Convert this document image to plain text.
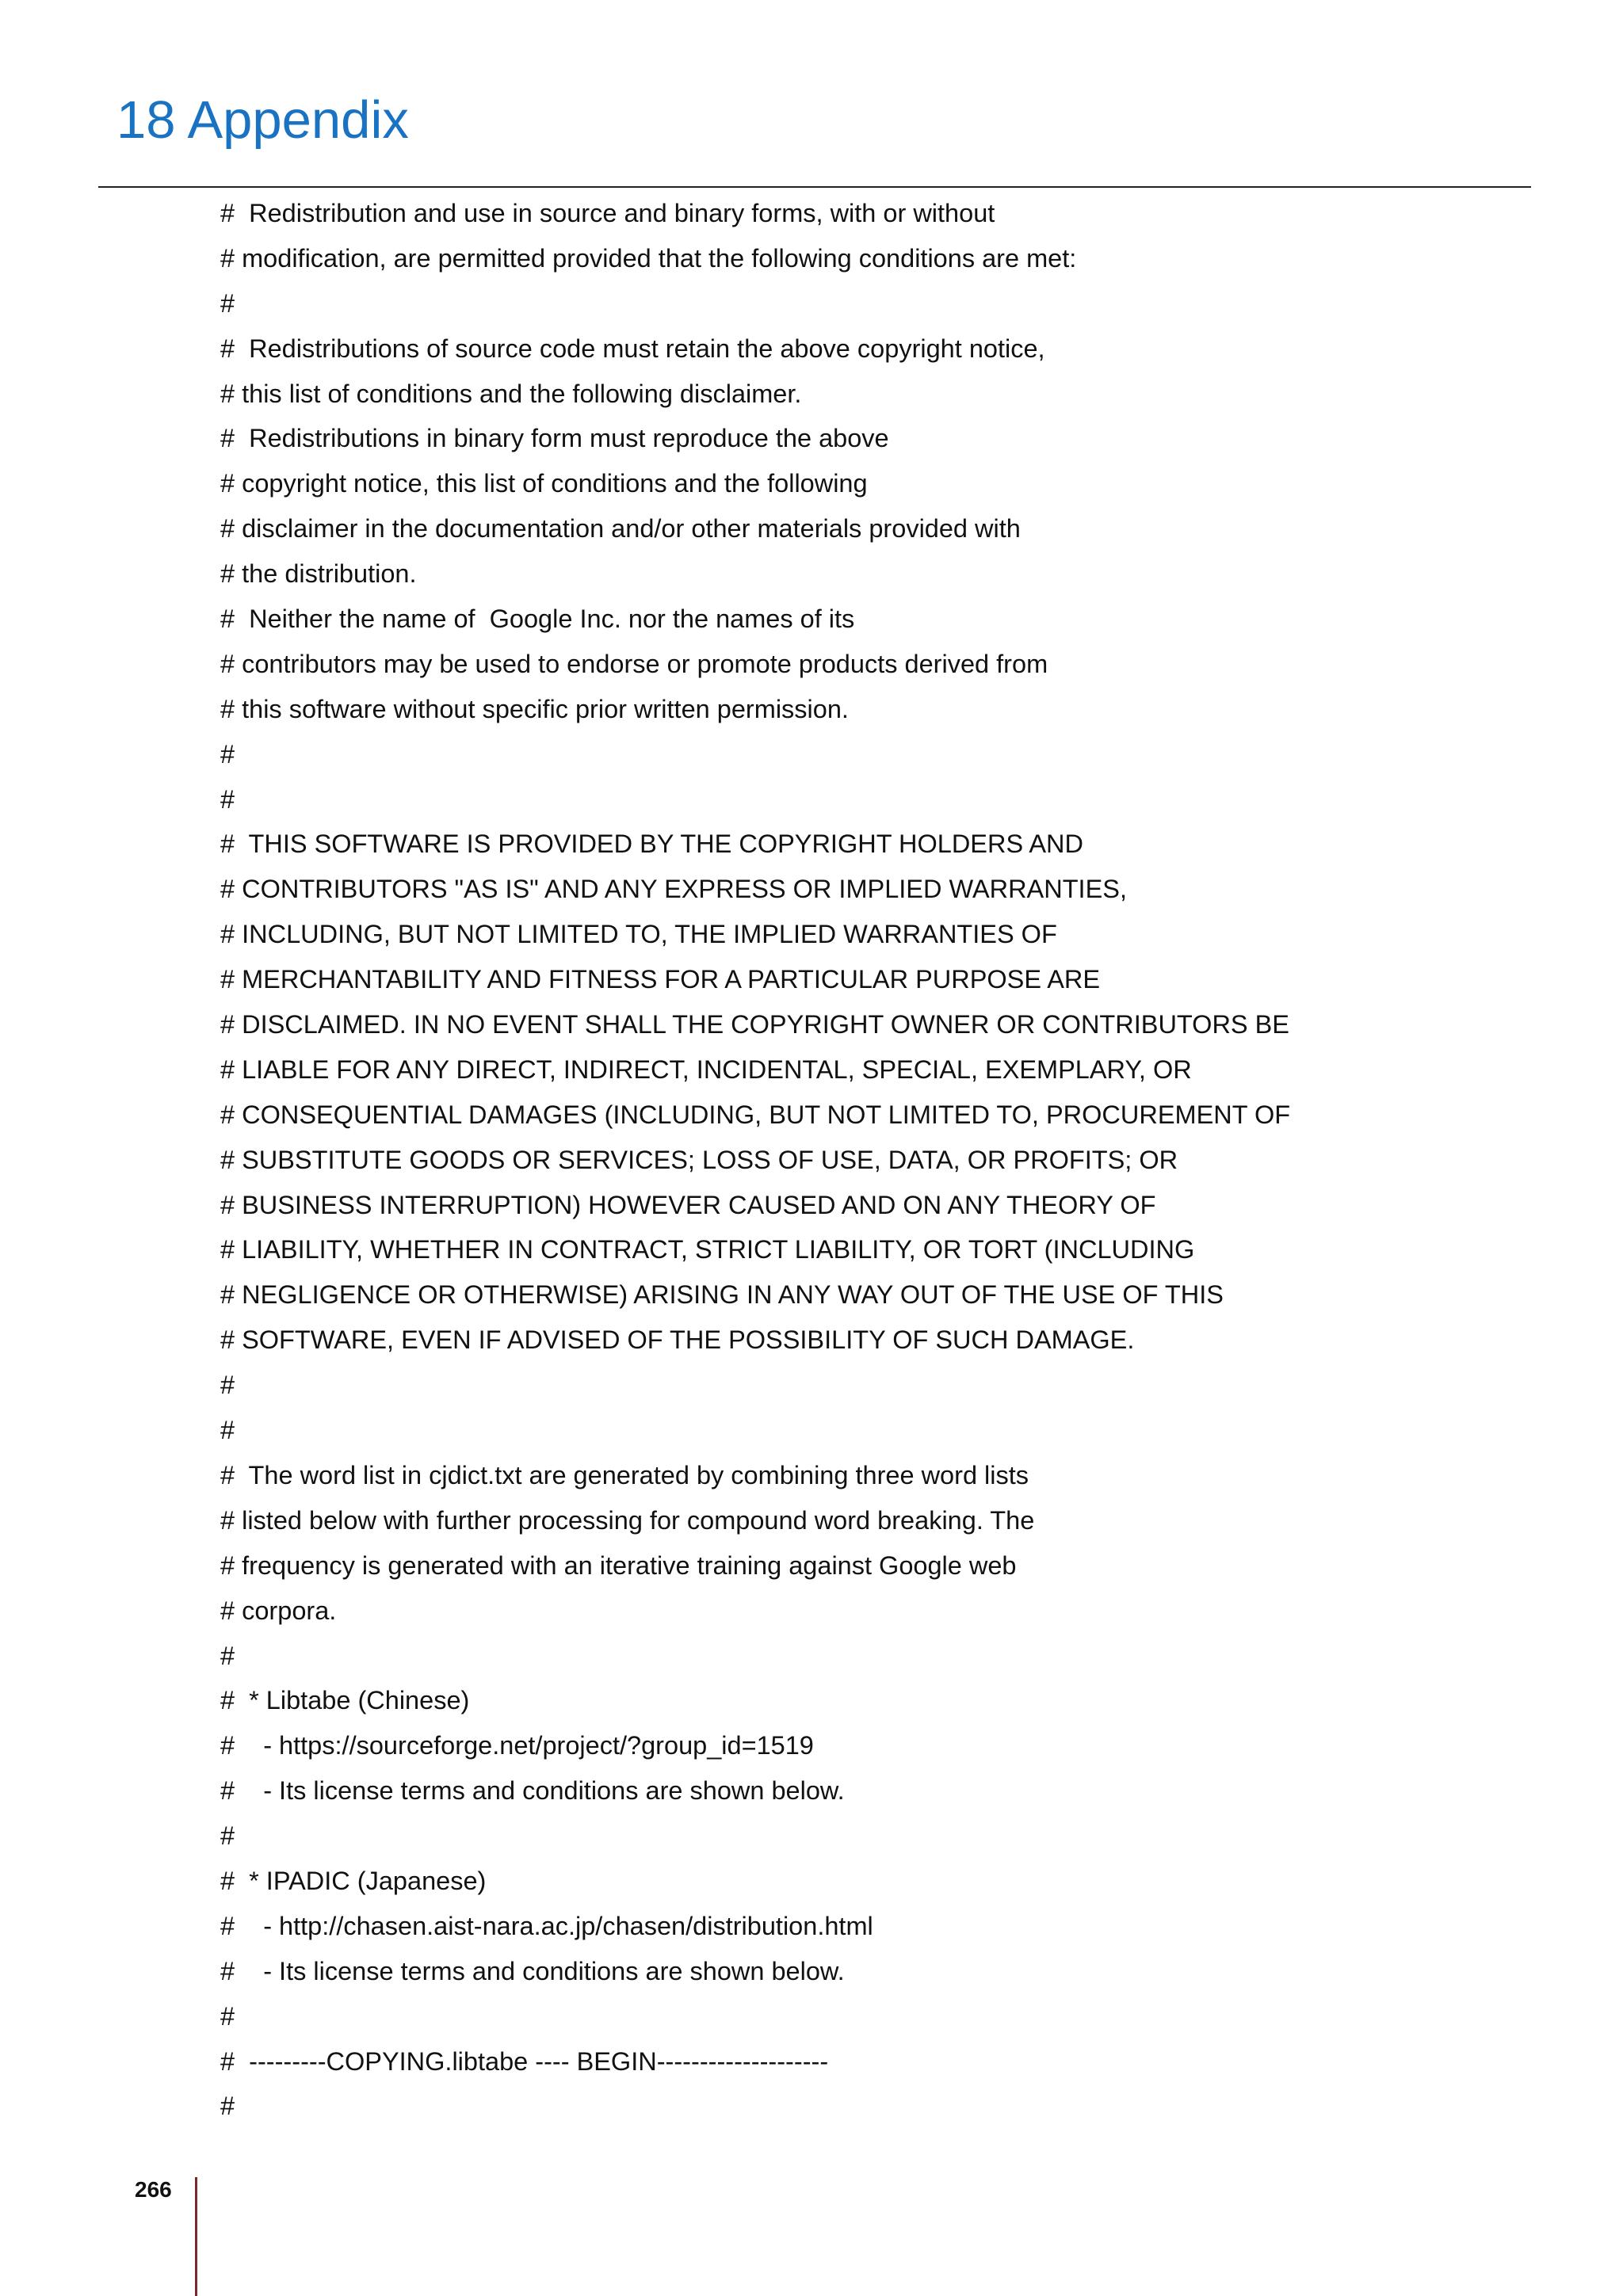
18 Appendix
#  Redistribution and use in source and binary forms, with or without
# modification, are permitted provided that the following conditions are met:
#
#  Redistributions of source code must retain the above copyright notice,
# this list of conditions and the following disclaimer.
#  Redistributions in binary form must reproduce the above
# copyright notice, this list of conditions and the following
# disclaimer in the documentation and/or other materials provided with
# the distribution.
#  Neither the name of  Google Inc. nor the names of its
# contributors may be used to endorse or promote products derived from
# this software without specific prior written permission.
#
#
#  THIS SOFTWARE IS PROVIDED BY THE COPYRIGHT HOLDERS AND
# CONTRIBUTORS "AS IS" AND ANY EXPRESS OR IMPLIED WARRANTIES,
# INCLUDING, BUT NOT LIMITED TO, THE IMPLIED WARRANTIES OF
# MERCHANTABILITY AND FITNESS FOR A PARTICULAR PURPOSE ARE
# DISCLAIMED. IN NO EVENT SHALL THE COPYRIGHT OWNER OR CONTRIBUTORS BE
# LIABLE FOR ANY DIRECT, INDIRECT, INCIDENTAL, SPECIAL, EXEMPLARY, OR
# CONSEQUENTIAL DAMAGES (INCLUDING, BUT NOT LIMITED TO, PROCUREMENT OF
# SUBSTITUTE GOODS OR SERVICES; LOSS OF USE, DATA, OR PROFITS; OR
# BUSINESS INTERRUPTION) HOWEVER CAUSED AND ON ANY THEORY OF
# LIABILITY, WHETHER IN CONTRACT, STRICT LIABILITY, OR TORT (INCLUDING
# NEGLIGENCE OR OTHERWISE) ARISING IN ANY WAY OUT OF THE USE OF THIS
# SOFTWARE, EVEN IF ADVISED OF THE POSSIBILITY OF SUCH DAMAGE.
#
#
#  The word list in cjdict.txt are generated by combining three word lists
# listed below with further processing for compound word breaking. The
# frequency is generated with an iterative training against Google web
# corpora.
#
#  * Libtabe (Chinese)
#    - https://sourceforge.net/project/?group_id=1519
#    - Its license terms and conditions are shown below.
#
#  * IPADIC (Japanese)
#    - http://chasen.aist-nara.ac.jp/chasen/distribution.html
#    - Its license terms and conditions are shown below.
#
#  ---------COPYING.libtabe ---- BEGIN--------------------
#
266
